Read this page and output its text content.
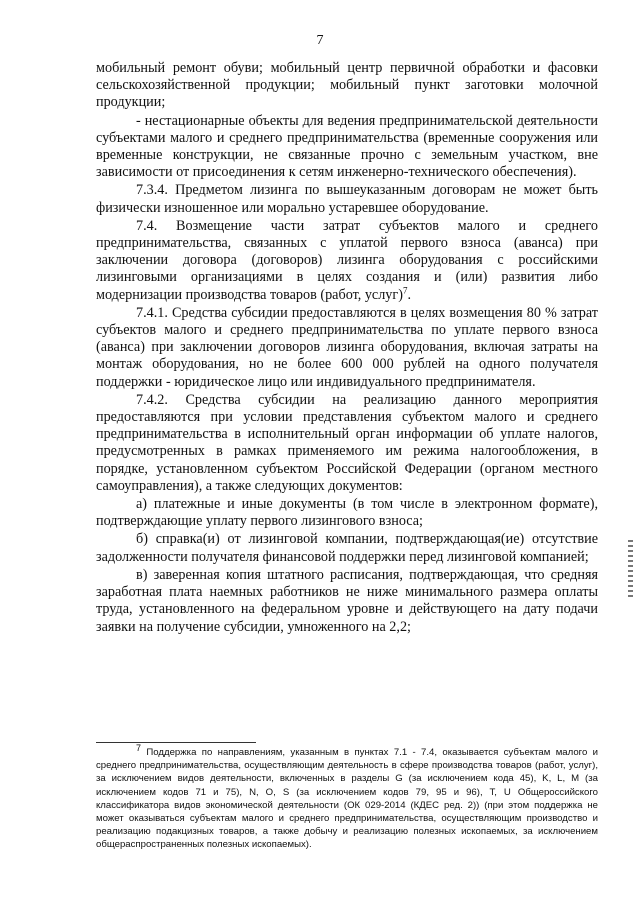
7

мобильный ремонт обуви; мобильный центр первичной обработки и фасовки сельскохозяйственной продукции; мобильный пункт заготовки молочной продукции;

- нестационарные объекты для ведения предпринимательской деятельности субъектами малого и среднего предпринимательства (временные сооружения или временные конструкции, не связанные прочно с земельным участком, вне зависимости от присоединения к сетям инженерно-технического обеспечения).

7.3.4. Предметом лизинга по вышеуказанным договорам не может быть физически изношенное или морально устаревшее оборудование.

7.4. Возмещение части затрат субъектов малого и среднего предпринимательства, связанных с уплатой первого взноса (аванса) при заключении договора (договоров) лизинга оборудования с российскими лизинговыми организациями в целях создания и (или) развития либо модернизации производства товаров (работ, услуг)$^7$.

7.4.1. Средства субсидии предоставляются в целях возмещения 80 % затрат субъектов малого и среднего предпринимательства по уплате первого взноса (аванса) при заключении договоров лизинга оборудования, включая затраты на монтаж оборудования, но не более 600 000 рублей на одного получателя поддержки - юридическое лицо или индивидуального предпринимателя.

7.4.2. Средства субсидии на реализацию данного мероприятия предоставляются при условии представления субъектом малого и среднего предпринимательства в исполнительный орган информации об уплате налогов, предусмотренных в рамках применяемого им режима налогообложения, в порядке, установленном субъектом Российской Федерации (органом местного самоуправления), а также следующих документов:

а) платежные и иные документы (в том числе в электронном формате), подтверждающие уплату первого лизингового взноса;

б) справка(и) от лизинговой компании, подтверждающая(ие) отсутствие задолженности получателя финансовой поддержки перед лизинговой компанией;

в) заверенная копия штатного расписания, подтверждающая, что средняя заработная плата наемных работников не ниже минимального размера оплаты труда, установленного на федеральном уровне и действующего на дату подачи заявки на получение субсидии, умноженного на 2,2;

$^7$ Поддержка по направлениям, указанным в пунктах 7.1 - 7.4, оказывается субъектам малого и среднего предпринимательства, осуществляющим деятельность в сфере производства товаров (работ, услуг), за исключением видов деятельности, включенных в разделы G (за исключением кода 45), K, L, M (за исключением кодов 71 и 75), N, O, S (за исключением кодов 79, 95 и 96), T, U Общероссийского классификатора видов экономической деятельности (ОК 029-2014 (КДЕС ред. 2)) (при этом поддержка не может оказываться субъектам малого и среднего предпринимательства, осуществляющим производство и реализацию подакцизных товаров, а также добычу и реализацию полезных ископаемых, за исключением общераспространенных полезных ископаемых).
